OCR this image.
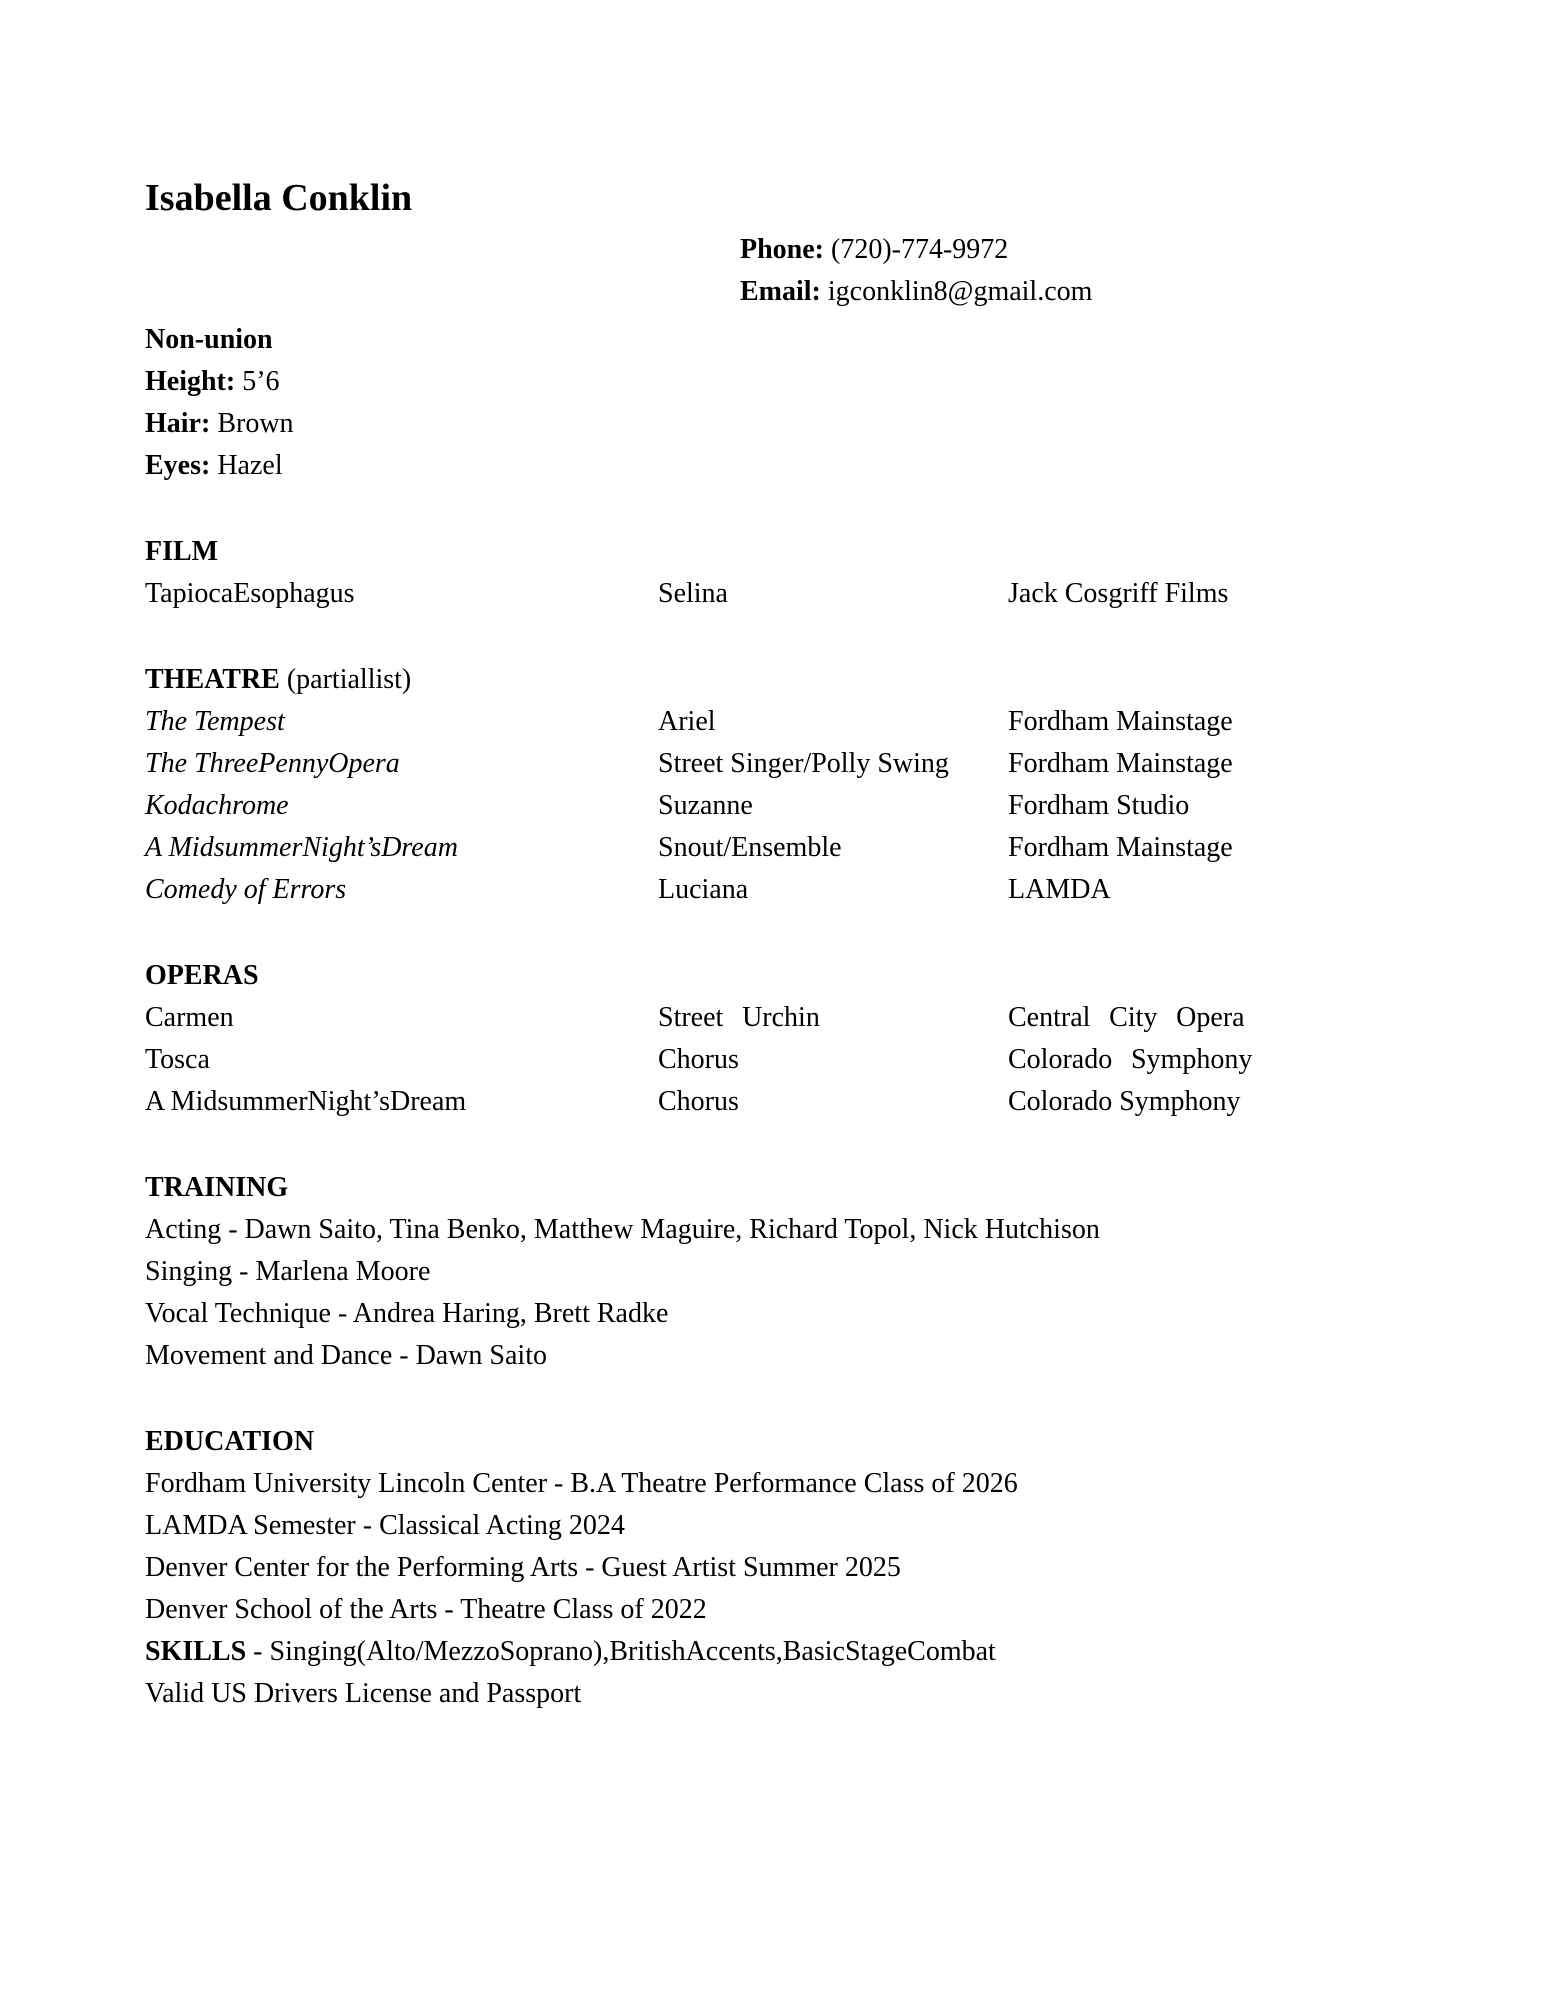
Isabella Conklin
Phone: (720)-774-9972
Email: igconklin8@gmail.com
Non-union
Height: 5’6
Hair: Brown
Eyes: Hazel
FILM
TapiocaEsophagus	Selina	Jack Cosgriff Films
THEATRE (partiallist)
The Tempest	Ariel	Fordham Mainstage
The ThreePennyOpera	Street Singer/Polly Swing	Fordham Mainstage
Kodachrome	Suzanne	Fordham Studio
A MidsummerNight’sDream	Snout/Ensemble	Fordham Mainstage
Comedy of Errors	Luciana	LAMDA
OPERAS
Carmen	Street Urchin	Central City Opera
Tosca	Chorus	Colorado Symphony
A MidsummerNight’sDream	Chorus	Colorado Symphony
TRAINING
Acting - Dawn Saito, Tina Benko, Matthew Maguire, Richard Topol, Nick Hutchison
Singing - Marlena Moore
Vocal Technique - Andrea Haring, Brett Radke
Movement and Dance - Dawn Saito
EDUCATION
Fordham University Lincoln Center - B.A Theatre Performance Class of 2026
LAMDA Semester - Classical Acting 2024
Denver Center for the Performing Arts - Guest Artist Summer 2025
Denver School of the Arts - Theatre Class of 2022
SKILLS - Singing(Alto/MezzoSoprano),BritishAccents,BasicStageCombat
Valid US Drivers License and Passport
